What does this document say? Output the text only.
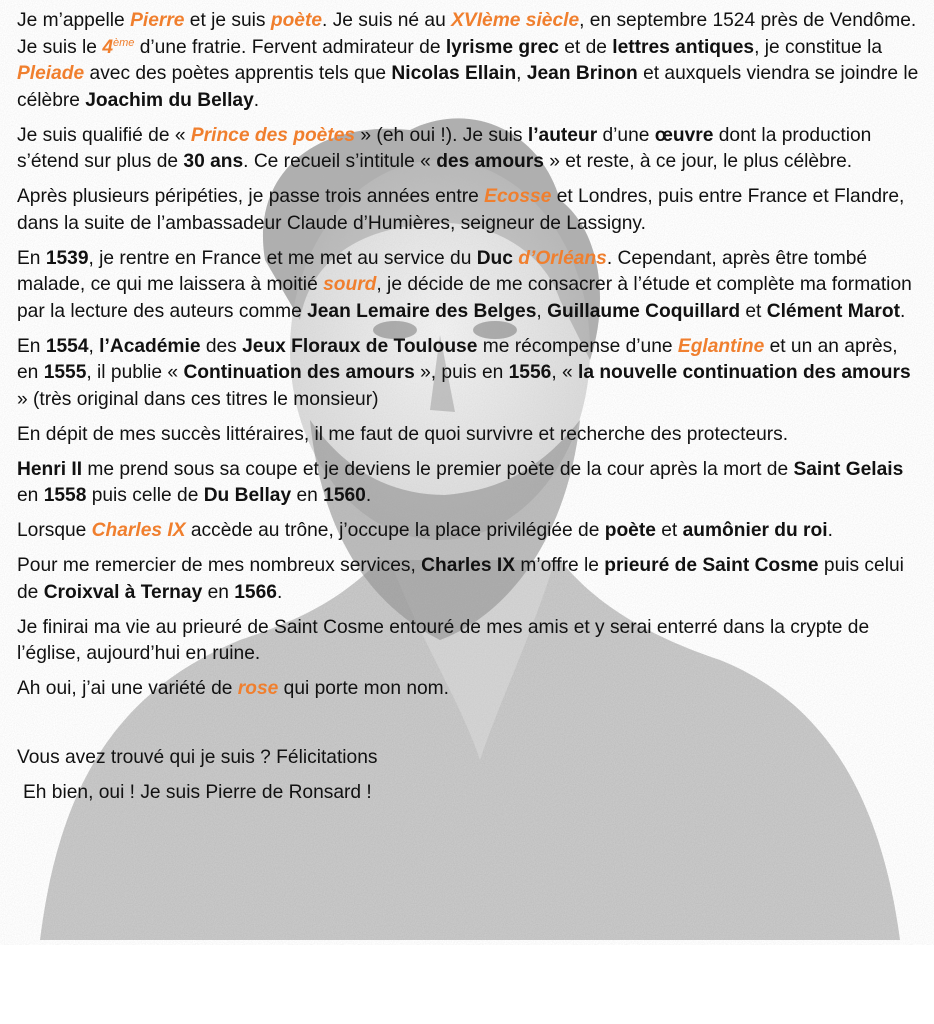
Je m’appelle Pierre et je suis poète. Je suis né au XVIème siècle, en septembre 1524 près de Vendôme. Je suis le 4ème d’une fratrie. Fervent admirateur de lyrisme grec et de lettres antiques, je constitue la Pleiade avec des poètes apprentis tels que Nicolas Ellain, Jean Brinon et auxquels viendra se joindre le célèbre Joachim du Bellay.

Je suis qualifié de « Prince des poètes » (eh oui !). Je suis l’auteur d’une œuvre dont la production s’étend sur plus de 30 ans. Ce recueil s’intitule « des amours » et reste, à ce jour, le plus célèbre.

Après plusieurs péripéties, je passe trois années entre Ecosse et Londres, puis entre France et Flandre, dans la suite de l’ambassadeur Claude d’Humières, seigneur de Lassigny.

En 1539, je rentre en France et me met au service du Duc d’Orléans. Cependant, après être tombé malade, ce qui me laissera à moitié sourd, je décide de me consacrer à l’étude et complète ma formation par la lecture des auteurs comme Jean Lemaire des Belges, Guillaume Coquillard et Clément Marot.

En 1554, l’Académie des Jeux Floraux de Toulouse me récompense d’une Eglantine et un an après, en 1555, il publie « Continuation des amours », puis en 1556, « la nouvelle continuation des amours » (très original dans ces titres le monsieur)

En dépit de mes succès littéraires, il me faut de quoi survivre et recherche des protecteurs.

Henri II me prend sous sa coupe et je deviens le premier poète de la cour après la mort de Saint Gelais en 1558 puis celle de Du Bellay en 1560.

Lorsque Charles IX accède au trône, j’occupe la place privilégiée de poète et aumônier du roi.

Pour me remercier de mes nombreux services, Charles IX m’offre le prieuré de Saint Cosme puis celui de Croixval à Ternay en 1566.

Je finirai ma vie au prieuré de Saint Cosme entouré de mes amis et y serai enterré dans la crypte de l’église, aujourd’hui en ruine.

Ah oui, j’ai une variété de rose qui porte mon nom.

Vous avez trouvé qui je suis ? Félicitations

Eh bien, oui ! Je suis Pierre de Ronsard !
